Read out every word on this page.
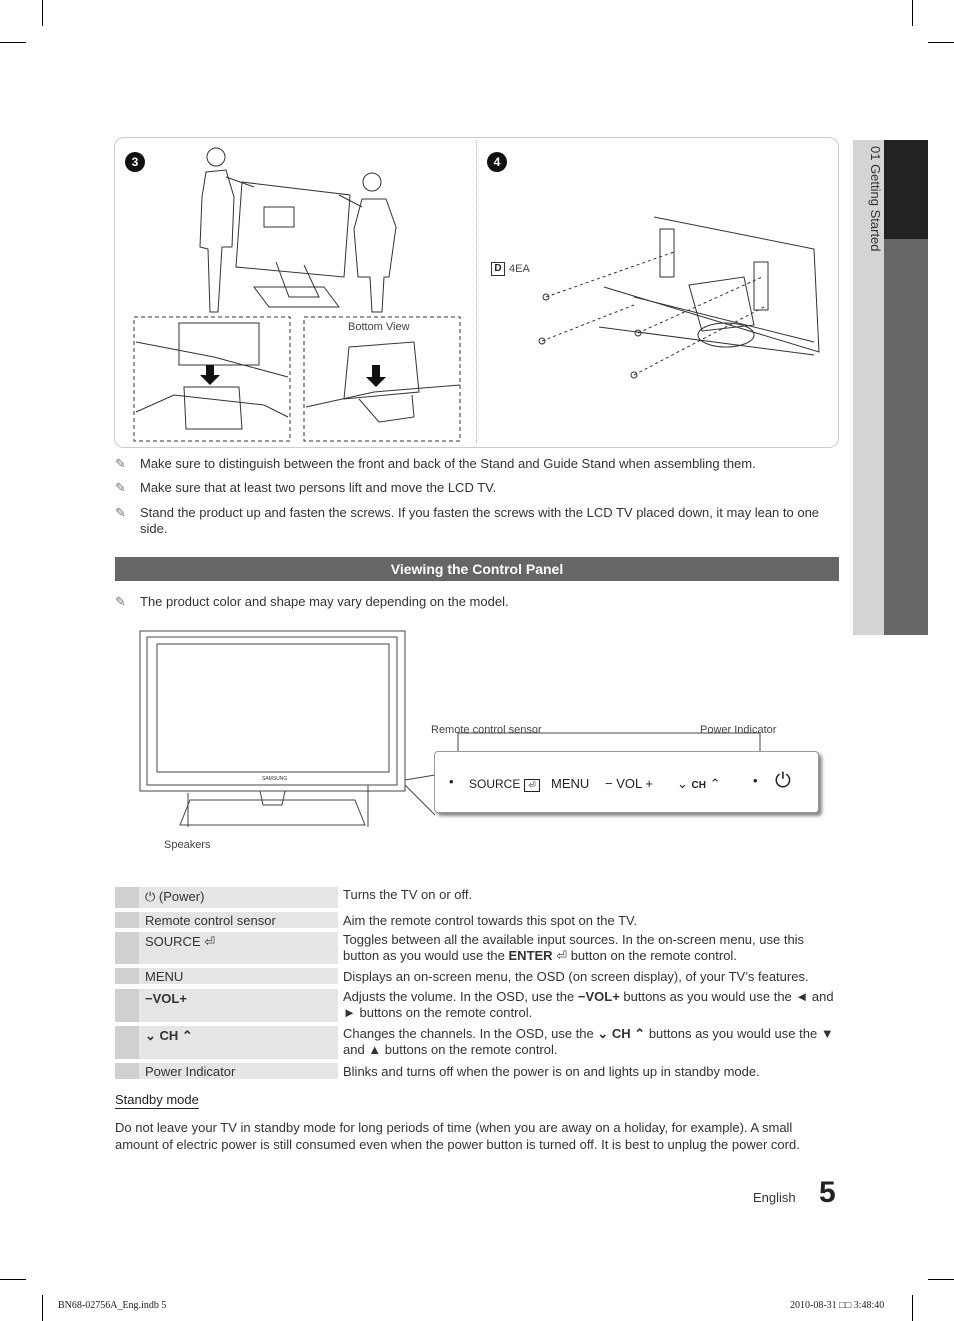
01 Getting Started
3	4
Bottom View
D 4EA
✎	Make sure to distinguish between the front and back of the Stand and Guide Stand when assembling them.
✎	Make sure that at least two persons lift and move the LCD TV.
✎	Stand the product up and fasten the screws. If you fasten the screws with the LCD TV placed down, it may lean to one side.
Viewing the Control Panel
✎	The product color and shape may vary depending on the model.
SAMSUNG
Remote control sensor	Power Indicator
Speakers
• SOURCE ⏎	MENU − VOL + ⌄ CH ⌃ • ⏻
⏻ (Power)	Turns the TV on or off.
Remote control sensor	Aim the remote control towards this spot on the TV.
SOURCE ⏎	Toggles between all the available input sources. In the on-screen menu, use this button as you would use the ENTER ⏎ button on the remote control.
MENU	Displays an on-screen menu, the OSD (on screen display), of your TV’s features.
−VOL+	Adjusts the volume. In the OSD, use the −VOL+ buttons as you would use the ◄ and ► buttons on the remote control.
⌄ CH ⌃	Changes the channels. In the OSD, use the ⌄ CH ⌃ buttons as you would use the ▼ and ▲ buttons on the remote control.
Power Indicator	Blinks and turns off when the power is on and lights up in standby mode.
Standby mode
Do not leave your TV in standby mode for long periods of time (when you are away on a holiday, for example). A small amount of electric power is still consumed even when the power button is turned off. It is best to unplug the power cord.
English 5
BN68-02756A_Eng.indb 5	2010-08-31 □□ 3:48:40
